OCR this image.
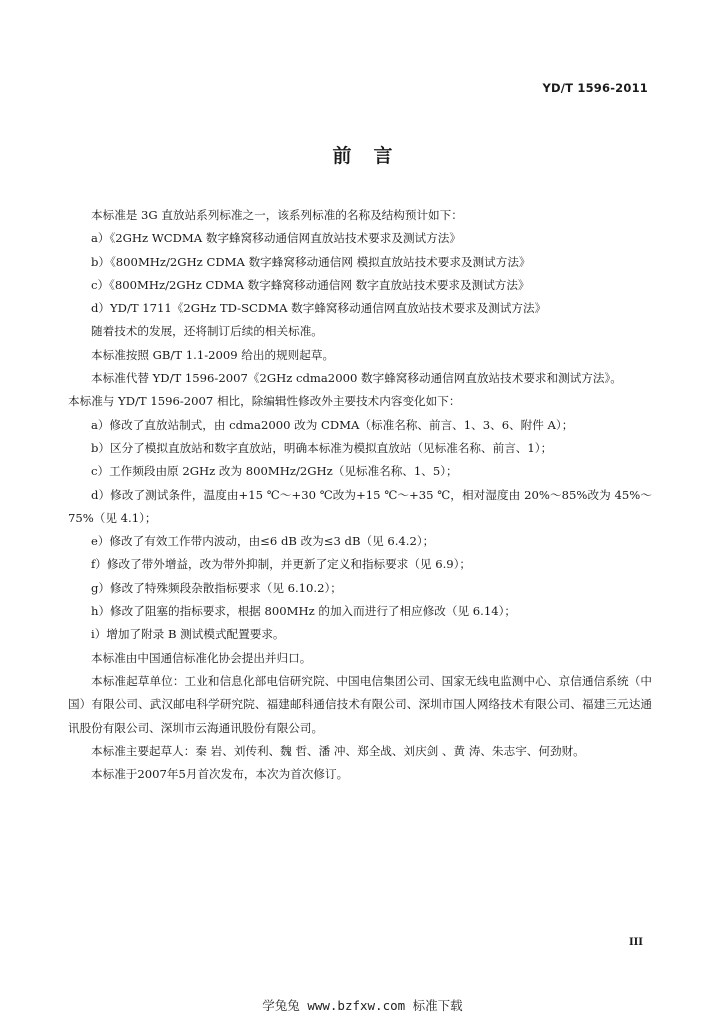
YD/T 1596-2011
前言

本标准是 3G 直放站系列标准之一，该系列标准的名称及结构预计如下：

a）《2GHz WCDMA 数字蜂窝移动通信网直放站技术要求及测试方法》

b）《800MHz/2GHz CDMA 数字蜂窝移动通信网 模拟直放站技术要求及测试方法》

c）《800MHz/2GHz CDMA 数字蜂窝移动通信网 数字直放站技术要求及测试方法》

d）YD/T 1711《2GHz TD-SCDMA 数字蜂窝移动通信网直放站技术要求及测试方法》

随着技术的发展，还将制订后续的相关标准。

本标准按照 GB/T 1.1-2009 给出的规则起草。

本标准代替 YD/T 1596-2007《2GHz cdma2000 数字蜂窝移动通信网直放站技术要求和测试方法》。

本标准与 YD/T 1596-2007 相比，除编辑性修改外主要技术内容变化如下：

a）修改了直放站制式，由 cdma2000 改为 CDMA（标准名称、前言、1、3、6、附件 A）；

b）区分了模拟直放站和数字直放站，明确本标准为模拟直放站（见标准名称、前言、1）；

c）工作频段由原 2GHz 改为 800MHz/2GHz（见标准名称、1、5）；

d）修改了测试条件，温度由+15 ℃～+30 ℃改为+15 ℃～+35 ℃，相对湿度由 20%～85%改为 45%～75%（见 4.1）；

e）修改了有效工作带内波动，由≤6 dB 改为≤3 dB（见 6.4.2）；

f）修改了带外增益，改为带外抑制，并更新了定义和指标要求（见 6.9）；

g）修改了特殊频段杂散指标要求（见 6.10.2）；

h）修改了阻塞的指标要求，根据 800MHz 的加入而进行了相应修改（见 6.14）；

i）增加了附录 B 测试模式配置要求。

本标准由中国通信标准化协会提出并归口。

本标准起草单位：工业和信息化部电信研究院、中国电信集团公司、国家无线电监测中心、京信通信系统（中国）有限公司、武汉邮电科学研究院、福建邮科通信技术有限公司、深圳市国人网络技术有限公司、福建三元达通讯股份有限公司、深圳市云海通讯股份有限公司。

本标准主要起草人：秦 岩、刘传利、魏 哲、潘 冲、郑全战、刘庆剑 、黄 涛、朱志宇、何劲财。

本标准于2007年5月首次发布，本次为首次修订。

III
学兔兔 www.bzfxw.com 标准下载
